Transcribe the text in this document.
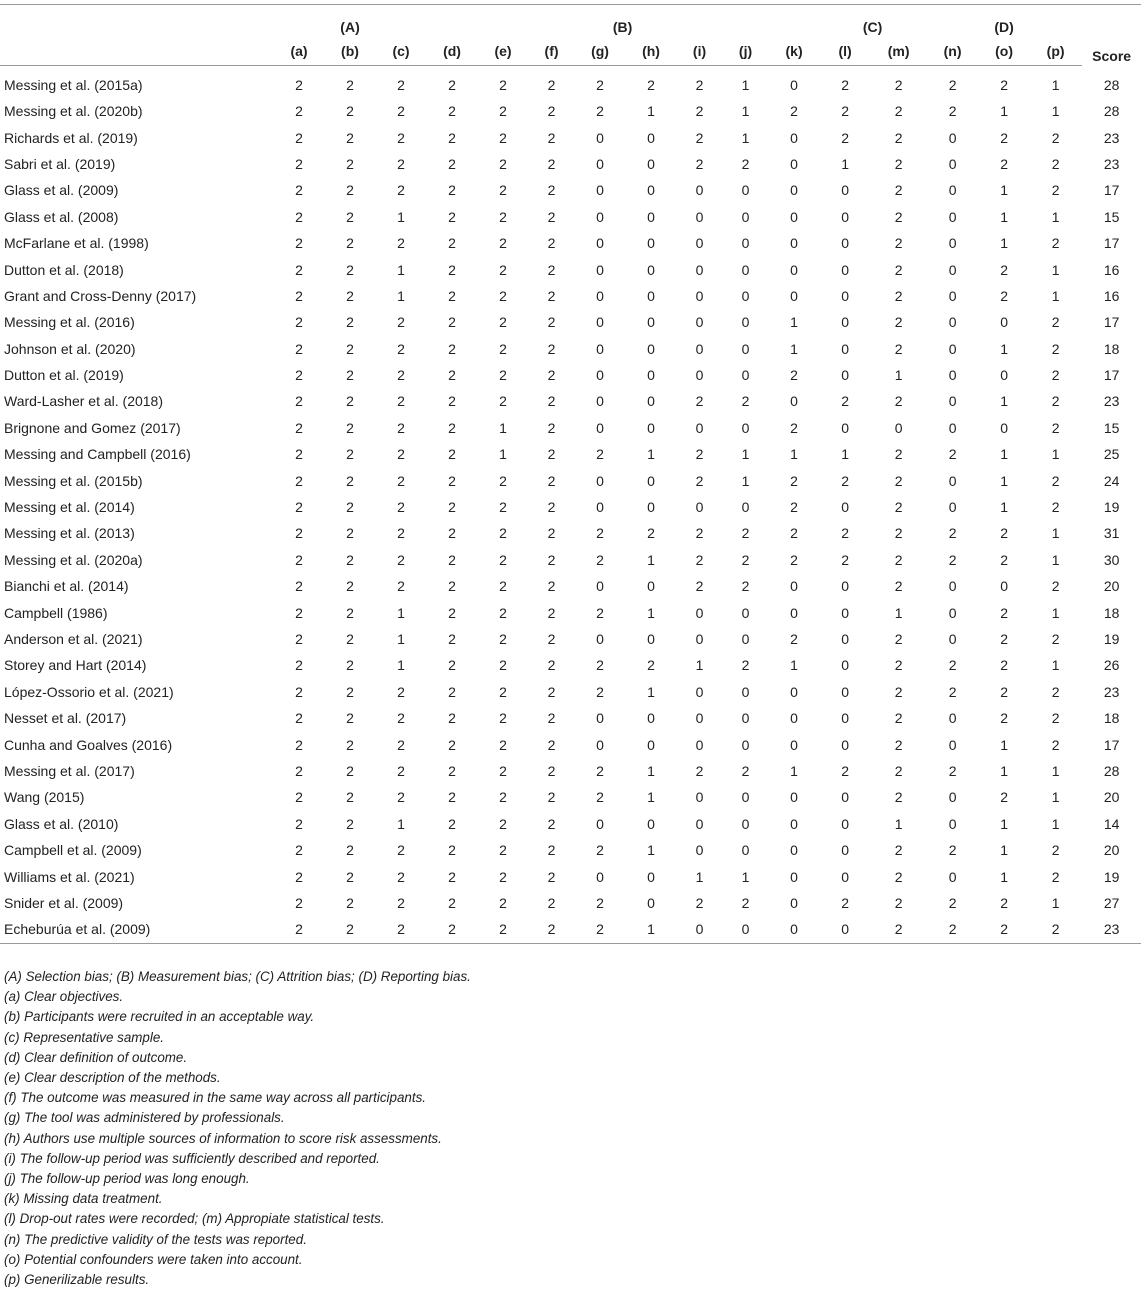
	(A)			(B)								(C)		(D)			Score
	(a)	(b)	(c)	(d)	(e)	(f)	(g)	(h)	(i)	(j)	(k)	(l)	(m)	(n)	(o)	(p)	
Messing et al. (2015a)	2	2	2	2	2	2	2	2	2	1	0	2	2	2	2	1	28
Messing et al. (2020b)	2	2	2	2	2	2	2	1	2	1	2	2	2	2	1	1	28
Richards et al. (2019)	2	2	2	2	2	2	0	0	2	1	0	2	2	0	2	2	23
Sabri et al. (2019)	2	2	2	2	2	2	0	0	2	2	0	1	2	0	2	2	23
Glass et al. (2009)	2	2	2	2	2	2	0	0	0	0	0	0	2	0	1	2	17
Glass et al. (2008)	2	2	1	2	2	2	0	0	0	0	0	0	2	0	1	1	15
McFarlane et al. (1998)	2	2	2	2	2	2	0	0	0	0	0	0	2	0	1	2	17
Dutton et al. (2018)	2	2	1	2	2	2	0	0	0	0	0	0	2	0	2	1	16
Grant and Cross-Denny (2017)	2	2	1	2	2	2	0	0	0	0	0	0	2	0	2	1	16
Messing et al. (2016)	2	2	2	2	2	2	0	0	0	0	1	0	2	0	0	2	17
Johnson et al. (2020)	2	2	2	2	2	2	0	0	0	0	1	0	2	0	1	2	18
Dutton et al. (2019)	2	2	2	2	2	2	0	0	0	0	2	0	1	0	0	2	17
Ward-Lasher et al. (2018)	2	2	2	2	2	2	0	0	2	2	0	2	2	0	1	2	23
Brignone and Gomez (2017)	2	2	2	2	1	2	0	0	0	0	2	0	0	0	0	2	15
Messing and Campbell (2016)	2	2	2	2	1	2	2	1	2	1	1	1	2	2	1	1	25
Messing et al. (2015b)	2	2	2	2	2	2	0	0	2	1	2	2	2	0	1	2	24
Messing et al. (2014)	2	2	2	2	2	2	0	0	0	0	2	0	2	0	1	2	19
Messing et al. (2013)	2	2	2	2	2	2	2	2	2	2	2	2	2	2	2	1	31
Messing et al. (2020a)	2	2	2	2	2	2	2	1	2	2	2	2	2	2	2	1	30
Bianchi et al. (2014)	2	2	2	2	2	2	0	0	2	2	0	0	2	0	0	2	20
Campbell (1986)	2	2	1	2	2	2	2	1	0	0	0	0	1	0	2	1	18
Anderson et al. (2021)	2	2	1	2	2	2	0	0	0	0	2	0	2	0	2	2	19
Storey and Hart (2014)	2	2	1	2	2	2	2	2	1	2	1	0	2	2	2	1	26
López-Ossorio et al. (2021)	2	2	2	2	2	2	2	1	0	0	0	0	2	2	2	2	23
Nesset et al. (2017)	2	2	2	2	2	2	0	0	0	0	0	0	2	0	2	2	18
Cunha and Goalves (2016)	2	2	2	2	2	2	0	0	0	0	0	0	2	0	1	2	17
Messing et al. (2017)	2	2	2	2	2	2	2	1	2	2	1	2	2	2	1	1	28
Wang (2015)	2	2	2	2	2	2	2	1	0	0	0	0	2	0	2	1	20
Glass et al. (2010)	2	2	1	2	2	2	0	0	0	0	0	0	1	0	1	1	14
Campbell et al. (2009)	2	2	2	2	2	2	2	1	0	0	0	0	2	2	1	2	20
Williams et al. (2021)	2	2	2	2	2	2	0	0	1	1	0	0	2	0	1	2	19
Snider et al. (2009)	2	2	2	2	2	2	2	0	2	2	0	2	2	2	2	1	27
Echeburúa et al. (2009)	2	2	2	2	2	2	2	1	0	0	0	0	2	2	2	2	23
(A) Selection bias; (B) Measurement bias; (C) Attrition bias; (D) Reporting bias.
(a) Clear objectives.
(b) Participants were recruited in an acceptable way.
(c) Representative sample.
(d) Clear definition of outcome.
(e) Clear description of the methods.
(f) The outcome was measured in the same way across all participants.
(g) The tool was administered by professionals.
(h) Authors use multiple sources of information to score risk assessments.
(i) The follow-up period was sufficiently described and reported.
(j) The follow-up period was long enough.
(k) Missing data treatment.
(l) Drop-out rates were recorded; (m) Appropiate statistical tests.
(n) The predictive validity of the tests was reported.
(o) Potential confounders were taken into account.
(p) Generilizable results.
